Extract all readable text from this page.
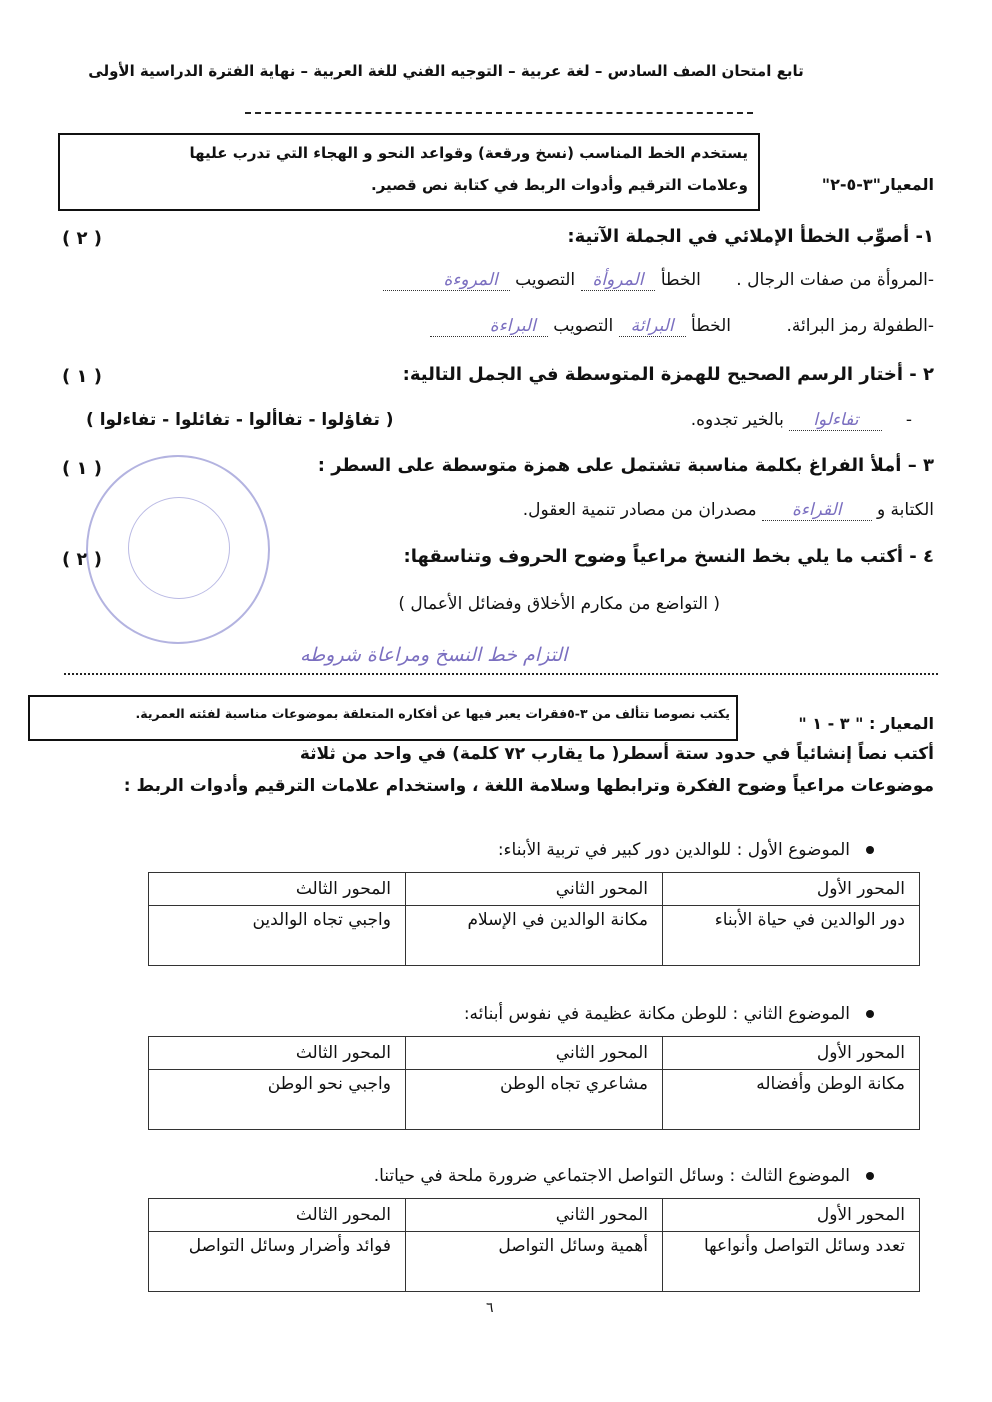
تابع امتحان الصف السادس – لغة عربية – التوجيه الفني للغة العربية – نهاية الفترة الدراسية الأولى
يستخدم الخط المناسب (نسخ ورقعة) وقواعد النحو و الهجاء التي تدرب عليها
وعلامات الترقيم وأدوات الربط في كتابة نص قصير.	المعيار"٣-٥-٢"
١- أصوِّب الخطأ الإملائي في الجملة الآتية:
( ٢ )
-المروأة من صفات الرجال . الخطأ المروأة التصويب المروءة
-الطفولة رمز البرائة. الخطأ البرائة التصويب البراءة
٢ - أختار الرسم الصحيح للهمزة المتوسطة في الجمل التالية:
( ١ )
- تفاءلوا بالخير تجدوه.
( تفاؤلوا - تفاألوا - تفائلوا - تفاءلوا )
٣ – أملأ الفراغ بكلمة مناسبة تشتمل على همزة متوسطة على السطر :
( ١ )
الكتابة و القراءة مصدران من مصادر تنمية العقول.
٤ - أكتب ما يلي بخط النسخ مراعياً وضوح الحروف وتناسقها:
( ٢ )
( التواضع من مكارم الأخلاق وفضائل الأعمال )
التزام خط النسخ ومراعاة شروطه
يكتب نصوصا تتألف من ٣-٥فقرات يعبر فيها عن أفكاره المتعلقة بموضوعات مناسبة لفئته العمرية.
المعيار : " ٣ - ١ "
أكتب نصاً إنشائياً في حدود ستة أسطر( ما يقارب ٧٢ كلمة) في واحد من ثلاثة
موضوعات مراعياً وضوح الفكرة وترابطها وسلامة اللغة ، واستخدام علامات الترقيم وأدوات الربط :
الموضوع الأول : للوالدين دور كبير في تربية الأبناء:
المحور الأول	المحور الثاني	المحور الثالث
دور الوالدين في حياة الأبناء	مكانة الوالدين في الإسلام	واجبي تجاه الوالدين
الموضوع الثاني : للوطن مكانة عظيمة في نفوس أبنائه:
المحور الأول	المحور الثاني	المحور الثالث
مكانة الوطن وأفضاله	مشاعري تجاه الوطن	واجبي نحو الوطن
الموضوع الثالث : وسائل التواصل الاجتماعي ضرورة ملحة في حياتنا.
المحور الأول	المحور الثاني	المحور الثالث
تعدد وسائل التواصل وأنواعها	أهمية وسائل التواصل	فوائد وأضرار وسائل التواصل
٦
